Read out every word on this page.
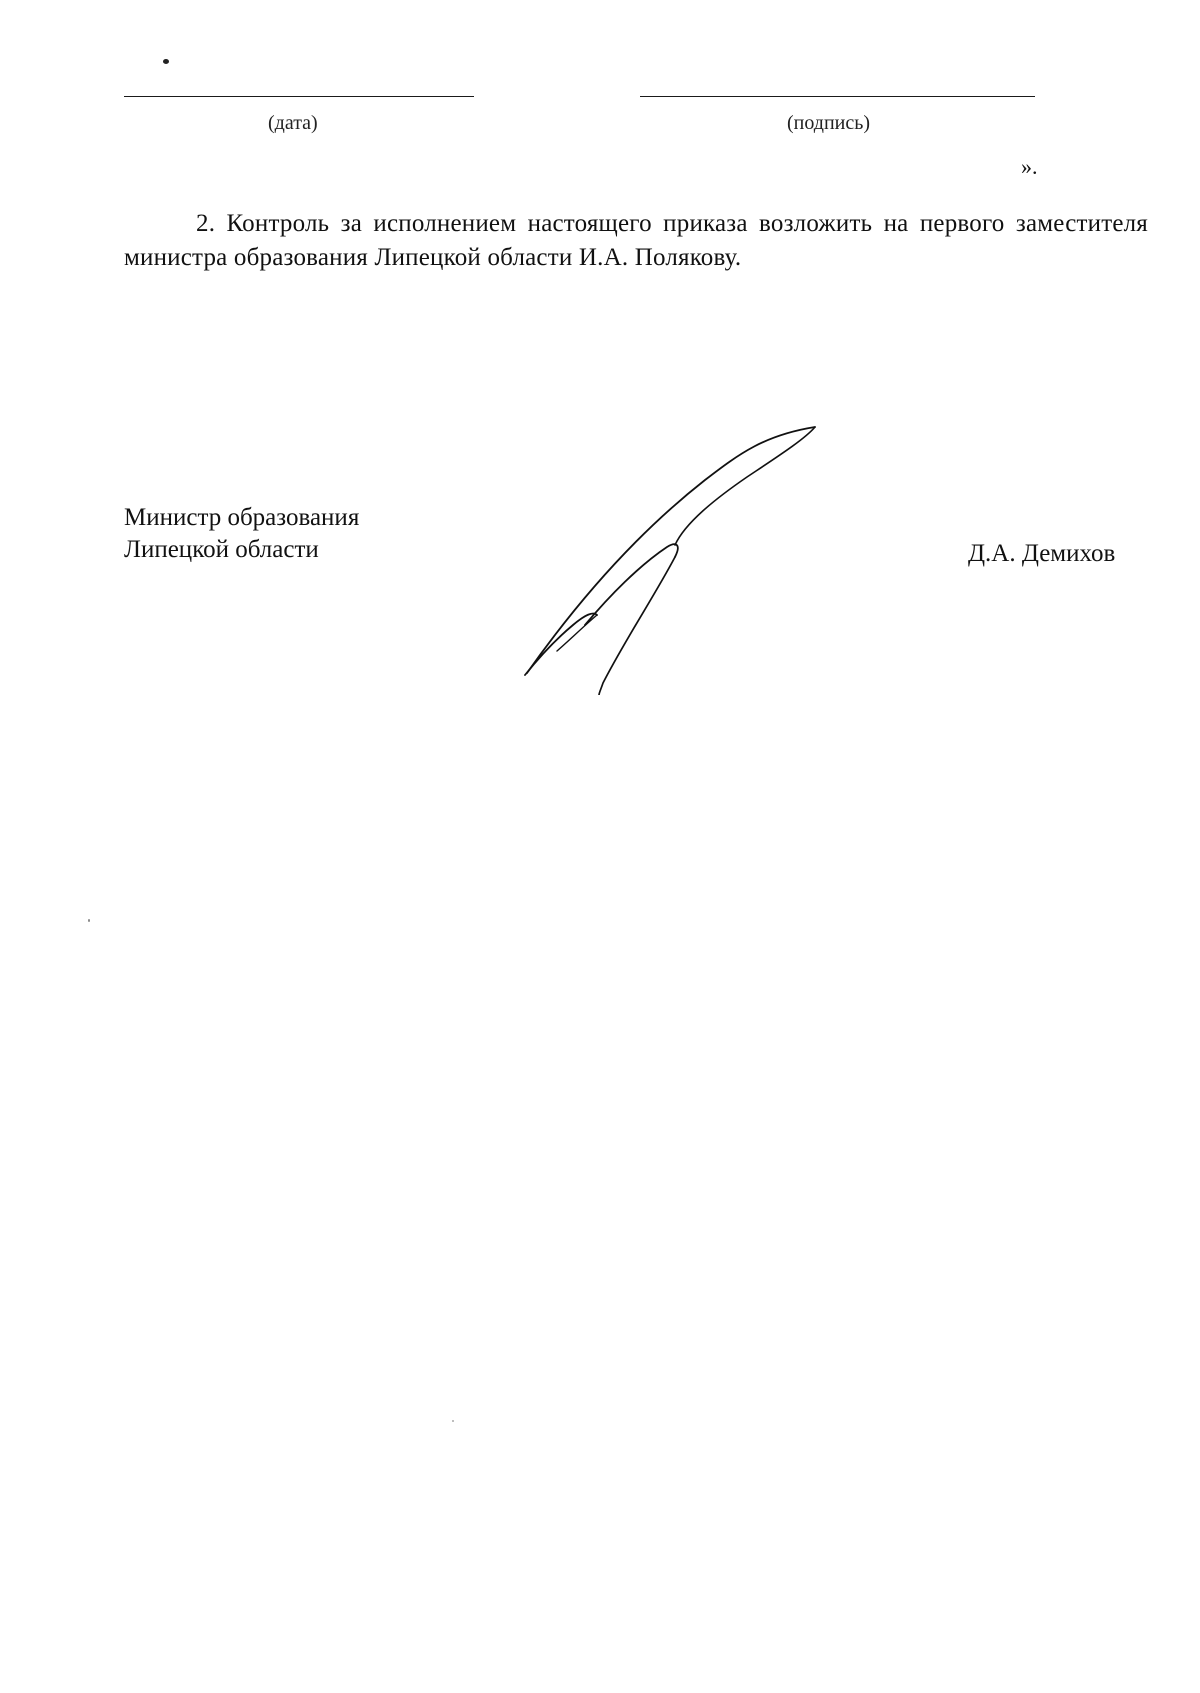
(дата)	(подпись)
».
2. Контроль за исполнением настоящего приказа возложить на первого заместителя министра образования Липецкой области И.А. Полякову.
Министр образования
Липецкой области	Д.А. Демихов
